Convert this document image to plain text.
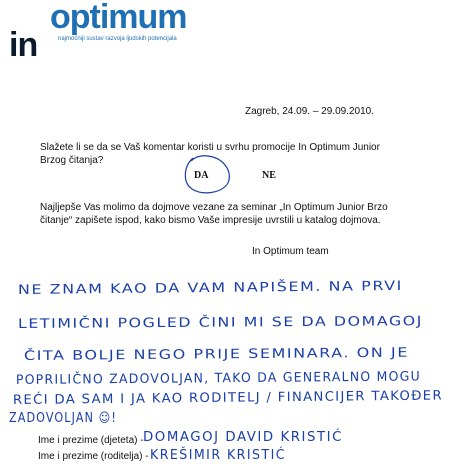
optimum
in	najmoćniji sustav razvoja ljudskih potencijala
Zagreb, 24.09. – 29.09.2010.
Slažete li se da se Vaš komentar koristi u svrhu promocije In Optimum Junior Brzog čitanja?
DA	NE
Najljepše Vas molimo da dojmove vezane za seminar „In Optimum Junior Brzo čitanje“ zapišete ispod, kako bismo Vaše impresije uvrstili u katalog dojmova.
In Optimum team
NE ZNAM KAO DA VAM NAPIŠEM. NA PRVI
LETIMIČNI POGLED ČINI MI SE DA DOMAGOJ
ČITA BOLJE NEGO PRIJE SEMINARA. ON JE
POPRILIČNO ZADOVOLJAN, TAKO DA GENERALNO MOGU
REĆI DA SAM I JA KAO RODITELJ / FINANCIJER TAKOĐER
ZADOVOLJAN ☺!
DOMAGOJ DAVID KRISTIĆ
KREŠIMIR KRISTIĆ
Ime i prezime (djeteta) -
Ime i prezime (roditelja) -
